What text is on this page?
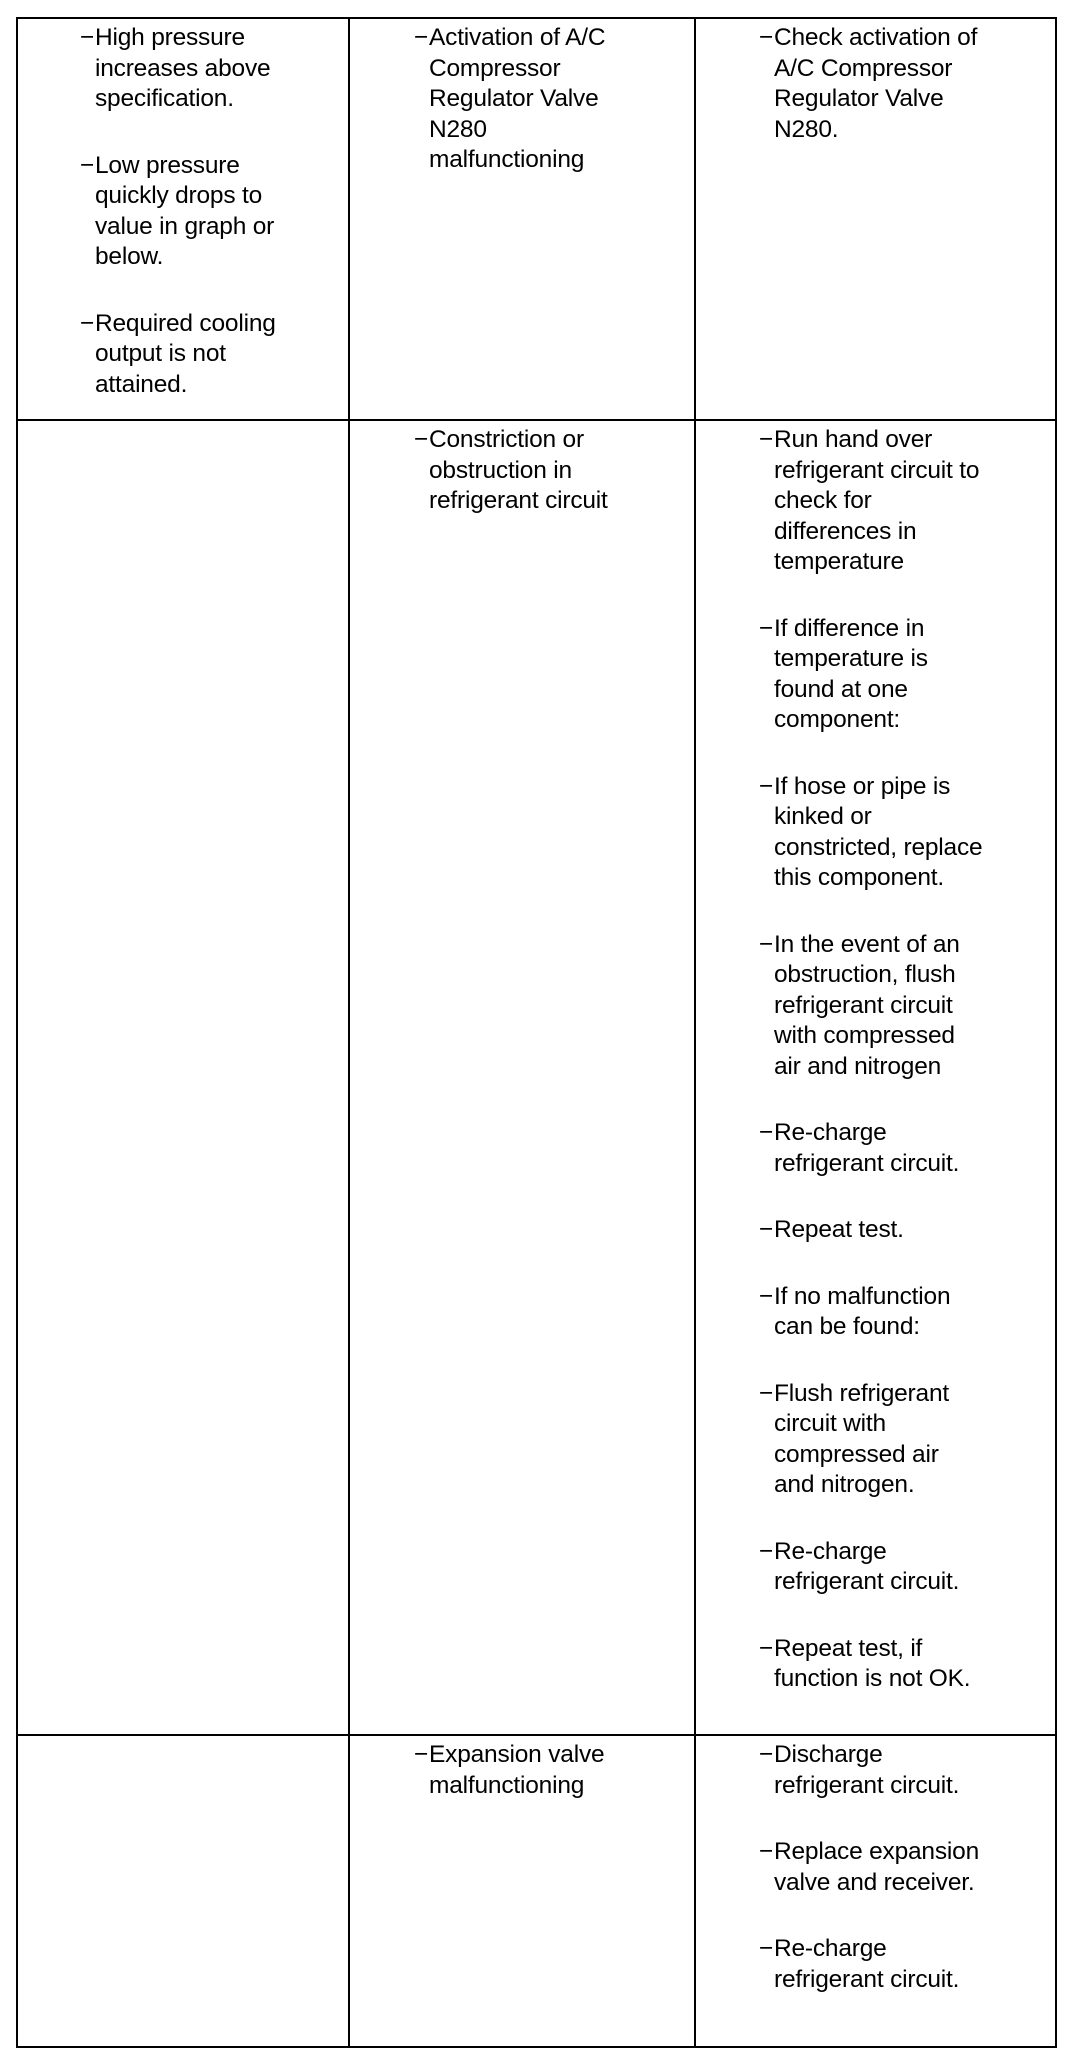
− High pressure
increases above
specification.
− Low pressure
quickly drops to
value in graph or
below.
− Required cooling
output is not
attained.
− Activation of A/C
Compressor
Regulator Valve
N280
malfunctioning
− Check activation of
A/C Compressor
Regulator Valve
N280.
− Constriction or
obstruction in
refrigerant circuit
− Run hand over
refrigerant circuit to
check for
differences in
temperature
− If difference in
temperature is
found at one
component:
− If hose or pipe is
kinked or
constricted, replace
this component.
− In the event of an
obstruction, flush
refrigerant circuit
with compressed
air and nitrogen
− Re-charge
refrigerant circuit.
− Repeat test.
− If no malfunction
can be found:
− Flush refrigerant
circuit with
compressed air
and nitrogen.
− Re-charge
refrigerant circuit.
− Repeat test, if
function is not OK.
− Expansion valve
malfunctioning
− Discharge
refrigerant circuit.
− Replace expansion
valve and receiver.
− Re-charge
refrigerant circuit.
